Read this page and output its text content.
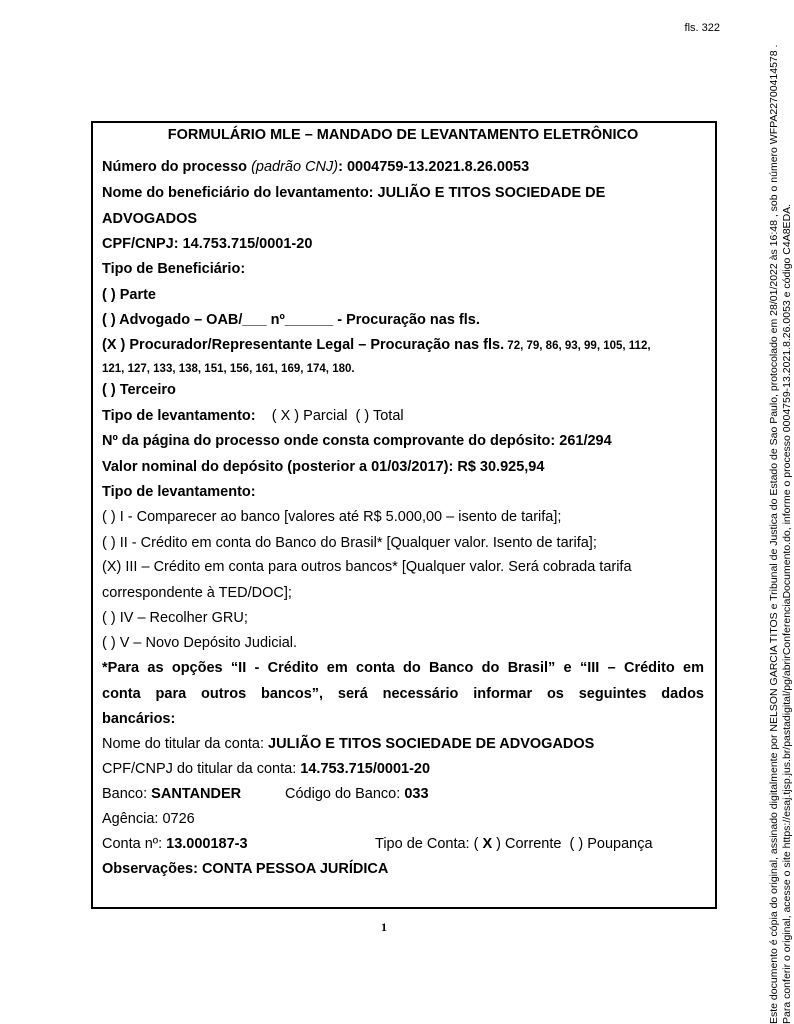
fls. 322
FORMULÁRIO MLE – MANDADO DE LEVANTAMENTO ELETRÔNICO
Número do processo (padrão CNJ): 0004759-13.2021.8.26.0053
Nome do beneficiário do levantamento: JULIÃO E TITOS SOCIEDADE DE
ADVOGADOS
CPF/CNPJ: 14.753.715/0001-20
Tipo de Beneficiário:
( ) Parte
( ) Advogado – OAB/___ nº______ - Procuração nas fls.
(X ) Procurador/Representante Legal – Procuração nas fls. 72, 79, 86, 93, 99, 105, 112,
121, 127, 133, 138, 151, 156, 161, 169, 174, 180.
( ) Terceiro
Tipo de levantamento:    ( X ) Parcial  ( ) Total
Nº da página do processo onde consta comprovante do depósito: 261/294
Valor nominal do depósito (posterior a 01/03/2017): R$ 30.925,94
Tipo de levantamento:
( ) I - Comparecer ao banco [valores até R$ 5.000,00 – isento de tarifa];
( ) II - Crédito em conta do Banco do Brasil* [Qualquer valor. Isento de tarifa];
(X) III – Crédito em conta para outros bancos* [Qualquer valor. Será cobrada tarifa
correspondente à TED/DOC];
( ) IV – Recolher GRU;
( ) V – Novo Depósito Judicial.
*Para as opções “II - Crédito em conta do Banco do Brasil” e “III – Crédito em
conta para outros bancos”, será necessário informar os seguintes dados
bancários:
Nome do titular da conta: JULIÃO E TITOS SOCIEDADE DE ADVOGADOS
CPF/CNPJ do titular da conta: 14.753.715/0001-20
Banco: SANTANDER	Código do Banco: 033
Agência: 0726
Conta nº: 13.000187-3	Tipo de Conta: ( X ) Corrente  ( ) Poupança
Observações: CONTA PESSOA JURÍDICA
1	Este documento é cópia do original, assinado digitalmente por NELSON GARCIA TITOS e Tribunal de Justica do Estado de Sao Paulo, protocolado em 28/01/2022 às 16:48 , sob o número WFPA22700414578 . Para conferir o original, acesse o site https://esaj.tjsp.jus.br/pastadigital/pg/abrirConferenciaDocumento.do, informe o processo 0004759-13.2021.8.26.0053 e código C4A8EDA.
